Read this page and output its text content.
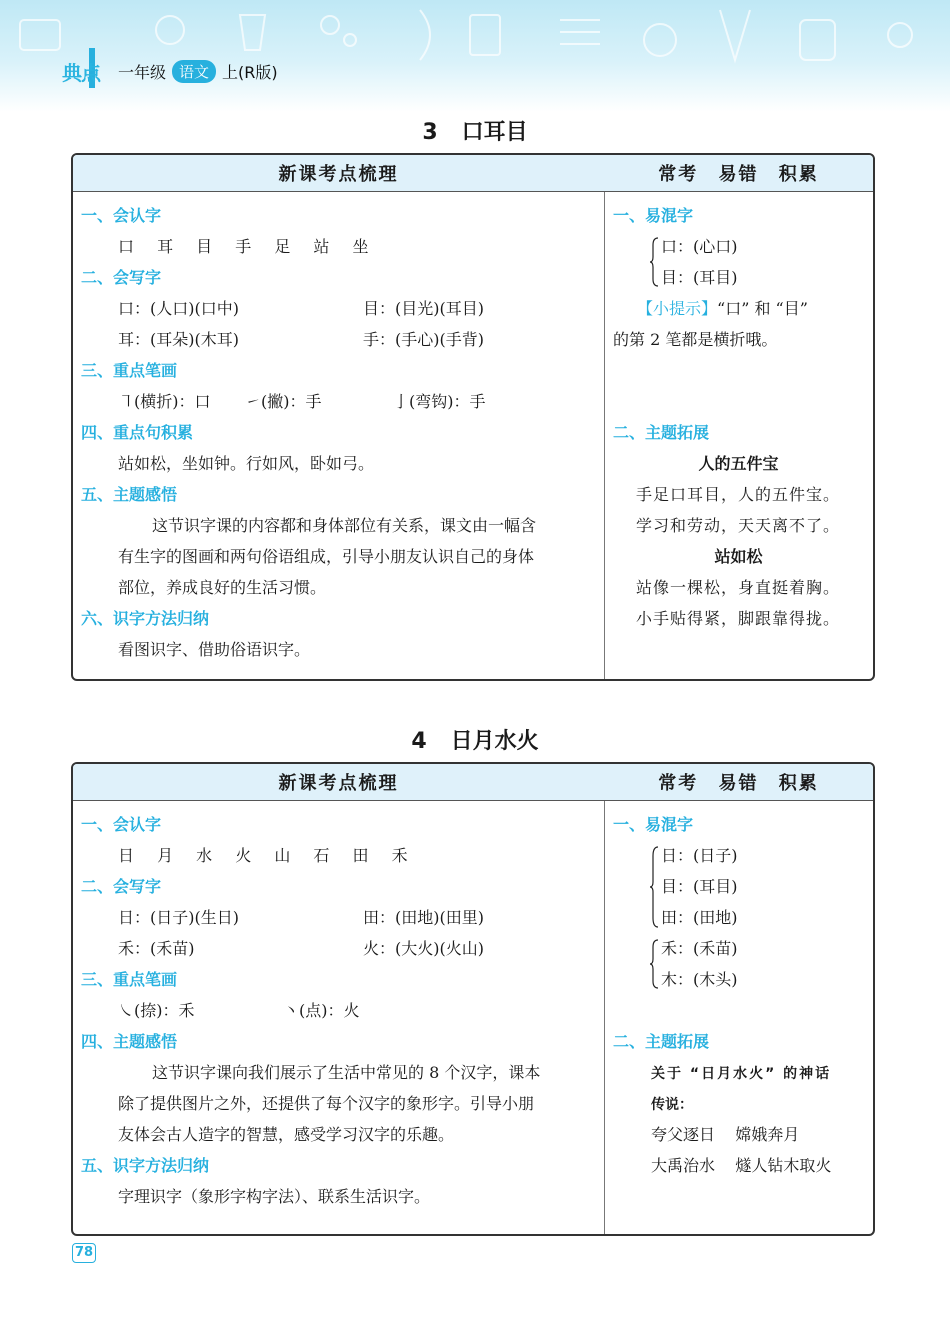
典点 一年级 语文 上(R版)
3 口耳目
新课考点梳理
一、会认字
口 耳 目 手 足 站 坐
二、会写字
口：(人口)(口中)	目：(目光)(耳目)
耳：(耳朵)(木耳)	手：(手心)(手背)
三、重点笔画
㇕(横折)：口 ㇀(撇)：手	亅(弯钩)：手
四、重点句积累
站如松，坐如钟。行如风，卧如弓。
五、主题感悟
这节识字课的内容都和身体部位有关系，课文由一幅含
有生字的图画和两句俗语组成，引导小朋友认识自己的身体
部位，养成良好的生活习惯。
六、识字方法归纳
看图识字、借助俗语识字。
常考 易错 积累
一、易混字
口：(心口)
目：(耳目)
【小提示】“口” 和 “目”
的第 2 笔都是横折哦。
二、主题拓展
人的五件宝
手足口耳目，人的五件宝。
学习和劳动，天天离不了。
站如松
站像一棵松，身直挺着胸。
小手贴得紧，脚跟靠得拢。
4 日月水火
新课考点梳理
一、会认字
日 月 水 火 山 石 田 禾
二、会写字
日：(日子)(生日)	田：(田地)(田里)
禾：(禾苗)	火：(大火)(火山)
三、重点笔画
㇏(捺)：禾	丶(点)：火
四、主题感悟
这节识字课向我们展示了生活中常见的 8 个汉字，课本
除了提供图片之外，还提供了每个汉字的象形字。引导小朋
友体会古人造字的智慧，感受学习汉字的乐趣。
五、识字方法归纳
字理识字（象形字构字法）、联系生活识字。
常考 易错 积累
一、易混字
日：(日子)
目：(耳目)
田：(田地)
禾：(禾苗)
木：(木头)
二、主题拓展
关于 “日月水火” 的神话
传说：
夸父逐日    嫦娥奔月
大禹治水    燧人钻木取火
78
